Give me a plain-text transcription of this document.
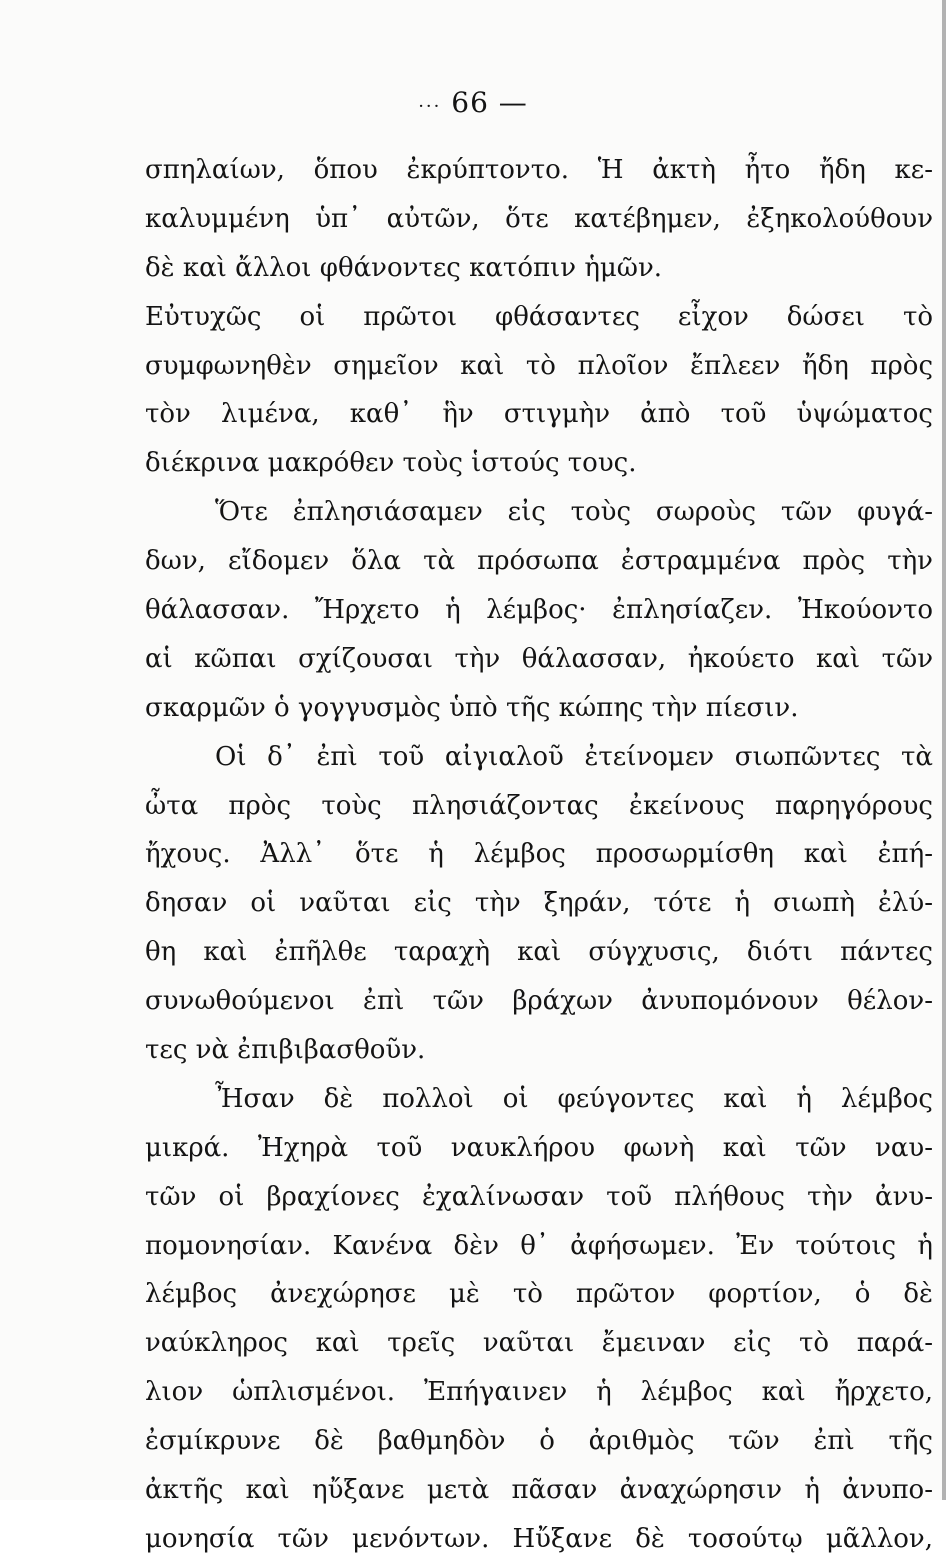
··· 66 —
σπηλαίων, ὅπου ἐκρύπτοντο. Ἡ ἀκτὴ ἦτο ἤδη κε-
καλυμμένη ὑπ᾽ αὐτῶν, ὅτε κατέβημεν, ἐξηκολούθουν
δὲ καὶ ἄλλοι φθάνοντες κατόπιν ἡμῶν.
Εὐτυχῶς οἱ πρῶτοι φθάσαντες εἶχον δώσει τὸ
συμφωνηθὲν σημεῖον καὶ τὸ πλοῖον ἔπλεεν ἤδη πρὸς
τὸν λιμένα, καθ᾽ ἣν στιγμὴν ἀπὸ τοῦ ὑψώματος
διέκρινα μακρόθεν τοὺς ἱστούς τους.
Ὅτε ἐπλησιάσαμεν εἰς τοὺς σωροὺς τῶν φυγά-
δων, εἴδομεν ὅλα τὰ πρόσωπα ἐστραμμένα πρὸς τὴν
θάλασσαν. Ἤρχετο ἡ λέμβος· ἐπλησίαζεν. Ἠκούοντο
αἱ κῶπαι σχίζουσαι τὴν θάλασσαν, ἠκούετο καὶ τῶν
σκαρμῶν ὁ γογγυσμὸς ὑπὸ τῆς κώπης τὴν πίεσιν.
Οἱ δ᾽ ἐπὶ τοῦ αἰγιαλοῦ ἐτείνομεν σιωπῶντες τὰ
ὦτα πρὸς τοὺς πλησιάζοντας ἐκείνους παρηγόρους
ἤχους. Ἀλλ᾽ ὅτε ἡ λέμβος προσωρμίσθη καὶ ἐπή-
δησαν οἱ ναῦται εἰς τὴν ξηράν, τότε ἡ σιωπὴ ἐλύ-
θη καὶ ἐπῆλθε ταραχὴ καὶ σύγχυσις, διότι πάντες
συνωθούμενοι ἐπὶ τῶν βράχων ἀνυπομόνουν θέλον-
τες νὰ ἐπιβιβασθοῦν.
Ἦσαν δὲ πολλοὶ οἱ φεύγοντες καὶ ἡ λέμβος
μικρά. Ἠχηρὰ τοῦ ναυκλήρου φωνὴ καὶ τῶν ναυ-
τῶν οἱ βραχίονες ἐχαλίνωσαν τοῦ πλήθους τὴν ἀνυ-
πομονησίαν. Κανένα δὲν θ᾽ ἀφήσωμεν. Ἐν τούτοις ἡ
λέμβος ἀνεχώρησε μὲ τὸ πρῶτον φορτίον, ὁ δὲ
ναύκληρος καὶ τρεῖς ναῦται ἔμειναν εἰς τὸ παρά-
λιον ὡπλισμένοι. Ἐπήγαινεν ἡ λέμβος καὶ ἤρχετο,
ἐσμίκρυνε δὲ βαθμηδὸν ὁ ἀριθμὸς τῶν ἐπὶ τῆς
ἀκτῆς καὶ ηὔξανε μετὰ πᾶσαν ἀναχώρησιν ἡ ἀνυπο-
μονησία τῶν μενόντων. Ηὔξανε δὲ τοσούτῳ μᾶλλον,
